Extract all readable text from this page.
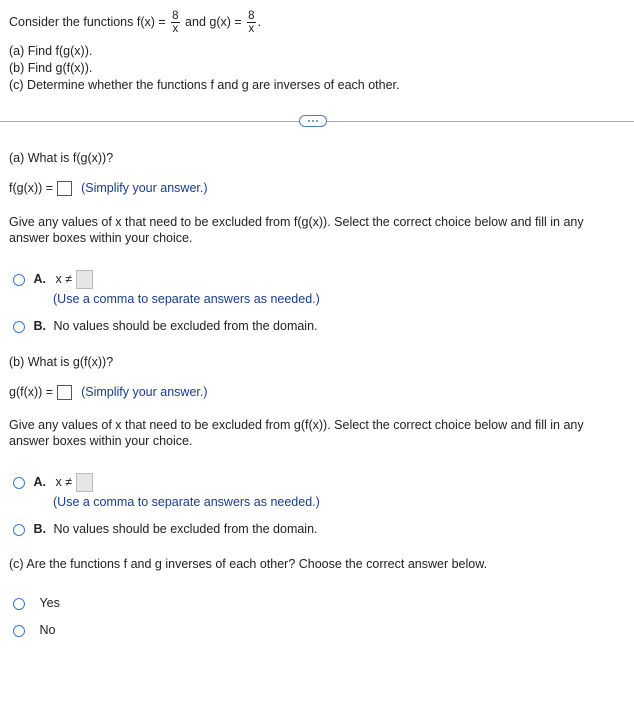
Consider the functions $f(x) = \frac{8}{x}$ and $g(x) = \frac{8}{x}$ .
(a) Find f(g(x)).
(b) Find g(f(x)).
(c) Determine whether the functions f and g are inverses of each other.
(a) What is f(g(x))?
f(g(x)) = (Simplify your answer.)
Give any values of x that need to be excluded from f(g(x)). Select the correct choice below and fill in any
answer boxes within your choice.
A. x ≠
(Use a comma to separate answers as needed.)
B. No values should be excluded from the domain.
(b) What is g(f(x))?
g(f(x)) = (Simplify your answer.)
Give any values of x that need to be excluded from g(f(x)). Select the correct choice below and fill in any
answer boxes within your choice.
A. x ≠
(Use a comma to separate answers as needed.)
B. No values should be excluded from the domain.
(c) Are the functions f and g inverses of each other? Choose the correct answer below.
Yes
No
